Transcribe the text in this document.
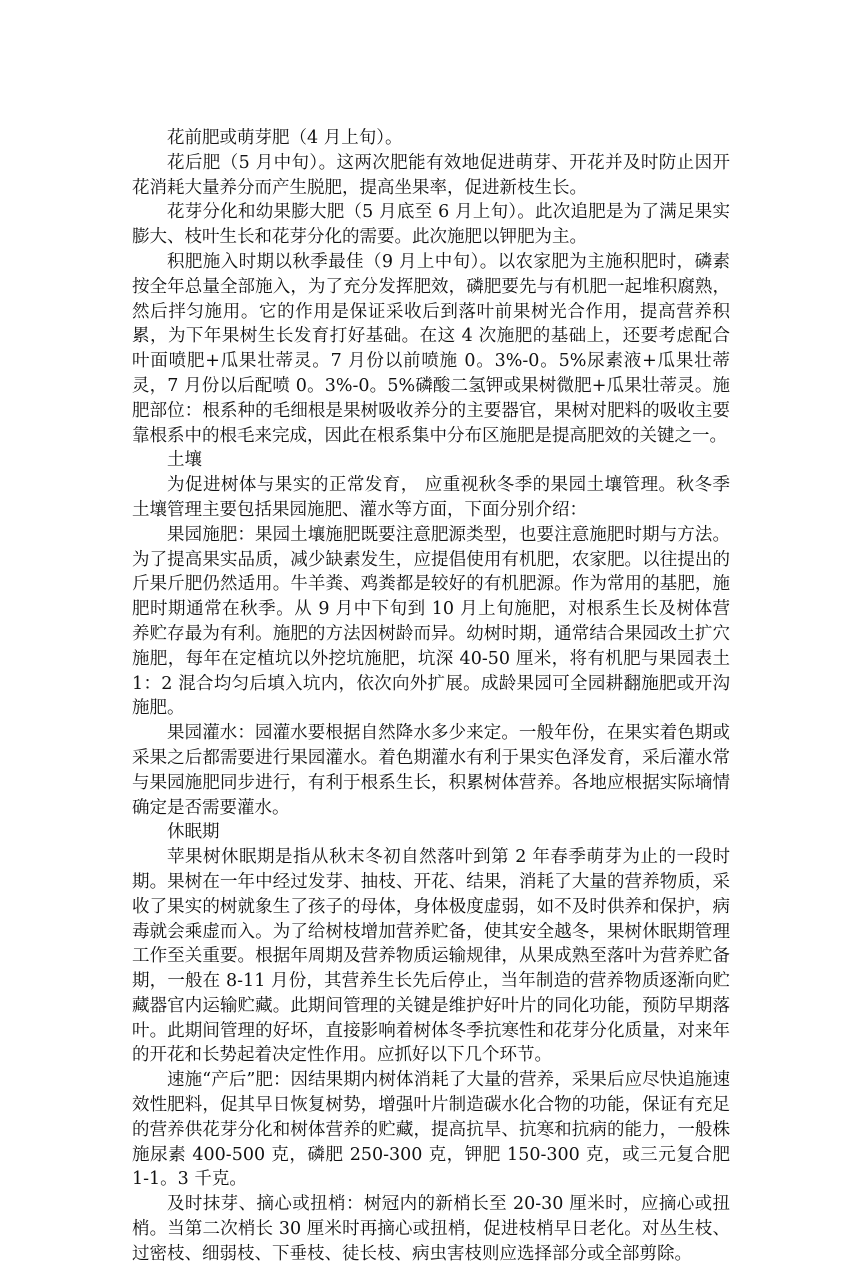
花前肥或萌芽肥（4 月上旬）。

花后肥（5 月中旬）。这两次肥能有效地促进萌芽、开花并及时防止因开花消耗大量养分而产生脱肥，提高坐果率，促进新枝生长。

花芽分化和幼果膨大肥（5 月底至 6 月上旬）。此次追肥是为了满足果实膨大、枝叶生长和花芽分化的需要。此次施肥以钾肥为主。

积肥施入时期以秋季最佳（9 月上中旬）。以农家肥为主施积肥时，磷素按全年总量全部施入，为了充分发挥肥效，磷肥要先与有机肥一起堆积腐熟，然后拌匀施用。它的作用是保证采收后到落叶前果树光合作用，提高营养积累，为下年果树生长发育打好基础。在这 4 次施肥的基础上，还要考虑配合叶面喷肥+瓜果壮蒂灵。7 月份以前喷施 0。3%-0。5%尿素液+瓜果壮蒂灵，7 月份以后配喷 0。3%-0。5%磷酸二氢钾或果树微肥+瓜果壮蒂灵。施肥部位：根系种的毛细根是果树吸收养分的主要器官，果树对肥料的吸收主要靠根系中的根毛来完成，因此在根系集中分布区施肥是提高肥效的关键之一。

土壤

为促进树体与果实的正常发育， 应重视秋冬季的果园土壤管理。秋冬季土壤管理主要包括果园施肥、灌水等方面，下面分别介绍：

果园施肥：果园土壤施肥既要注意肥源类型，也要注意施肥时期与方法。为了提高果实品质，减少缺素发生，应提倡使用有机肥，农家肥。以往提出的斤果斤肥仍然适用。牛羊粪、鸡粪都是较好的有机肥源。作为常用的基肥，施肥时期通常在秋季。从 9 月中下旬到 10 月上旬施肥，对根系生长及树体营养贮存最为有利。施肥的方法因树龄而异。幼树时期，通常结合果园改土扩穴施肥，每年在定植坑以外挖坑施肥，坑深 40-50 厘米，将有机肥与果园表土 1：2 混合均匀后填入坑内，依次向外扩展。成龄果园可全园耕翻施肥或开沟施肥。

果园灌水：园灌水要根据自然降水多少来定。一般年份，在果实着色期或采果之后都需要进行果园灌水。着色期灌水有利于果实色泽发育，采后灌水常与果园施肥同步进行，有利于根系生长，积累树体营养。各地应根据实际墒情确定是否需要灌水。

休眠期

苹果树休眠期是指从秋末冬初自然落叶到第 2 年春季萌芽为止的一段时期。果树在一年中经过发芽、抽枝、开花、结果，消耗了大量的营养物质，采收了果实的树就象生了孩子的母体，身体极度虚弱，如不及时供养和保护，病毒就会乘虚而入。为了给树枝增加营养贮备，使其安全越冬，果树休眠期管理工作至关重要。根据年周期及营养物质运输规律，从果成熟至落叶为营养贮备期，一般在 8-11 月份，其营养生长先后停止，当年制造的营养物质逐渐向贮藏器官内运输贮藏。此期间管理的关键是维护好叶片的同化功能，预防早期落叶。此期间管理的好坏，直接影响着树体冬季抗寒性和花芽分化质量，对来年的开花和长势起着决定性作用。应抓好以下几个环节。

速施“产后”肥：因结果期内树体消耗了大量的营养，采果后应尽快追施速效性肥料，促其早日恢复树势，增强叶片制造碳水化合物的功能，保证有充足的营养供花芽分化和树体营养的贮藏，提高抗旱、抗寒和抗病的能力，一般株施尿素 400-500 克，磷肥 250-300 克，钾肥 150-300 克，或三元复合肥 1-1。3 千克。

及时抹芽、摘心或扭梢：树冠内的新梢长至 20-30 厘米时，应摘心或扭梢。当第二次梢长 30 厘米时再摘心或扭梢，促进枝梢早日老化。对丛生枝、过密枝、细弱枝、下垂枝、徒长枝、病虫害枝则应选择部分或全部剪除。
